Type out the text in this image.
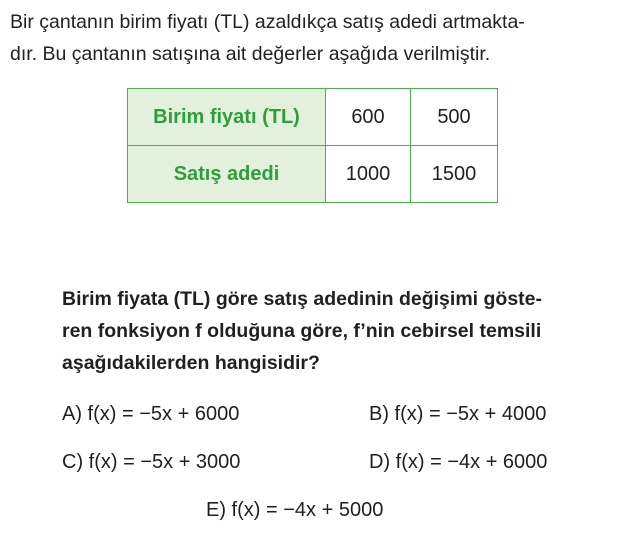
Bir çantanın birim fiyatı (TL) azaldıkça satış adedi artmakta-
dır. Bu çantanın satışına ait değerler aşağıda verilmiştir.
Birim fiyatı (TL)	600	500
Satış adedi	1000	1500
Birim fiyata (TL) göre satış adedinin değişimi göste-
ren fonksiyon f olduğuna göre, f’nin cebirsel temsili
aşağıdakilerden hangisidir?
A) f(x) = −5x + 6000	B) f(x) = −5x + 4000
C) f(x) = −5x + 3000	D) f(x) = −4x + 6000
E) f(x) = −4x + 5000
